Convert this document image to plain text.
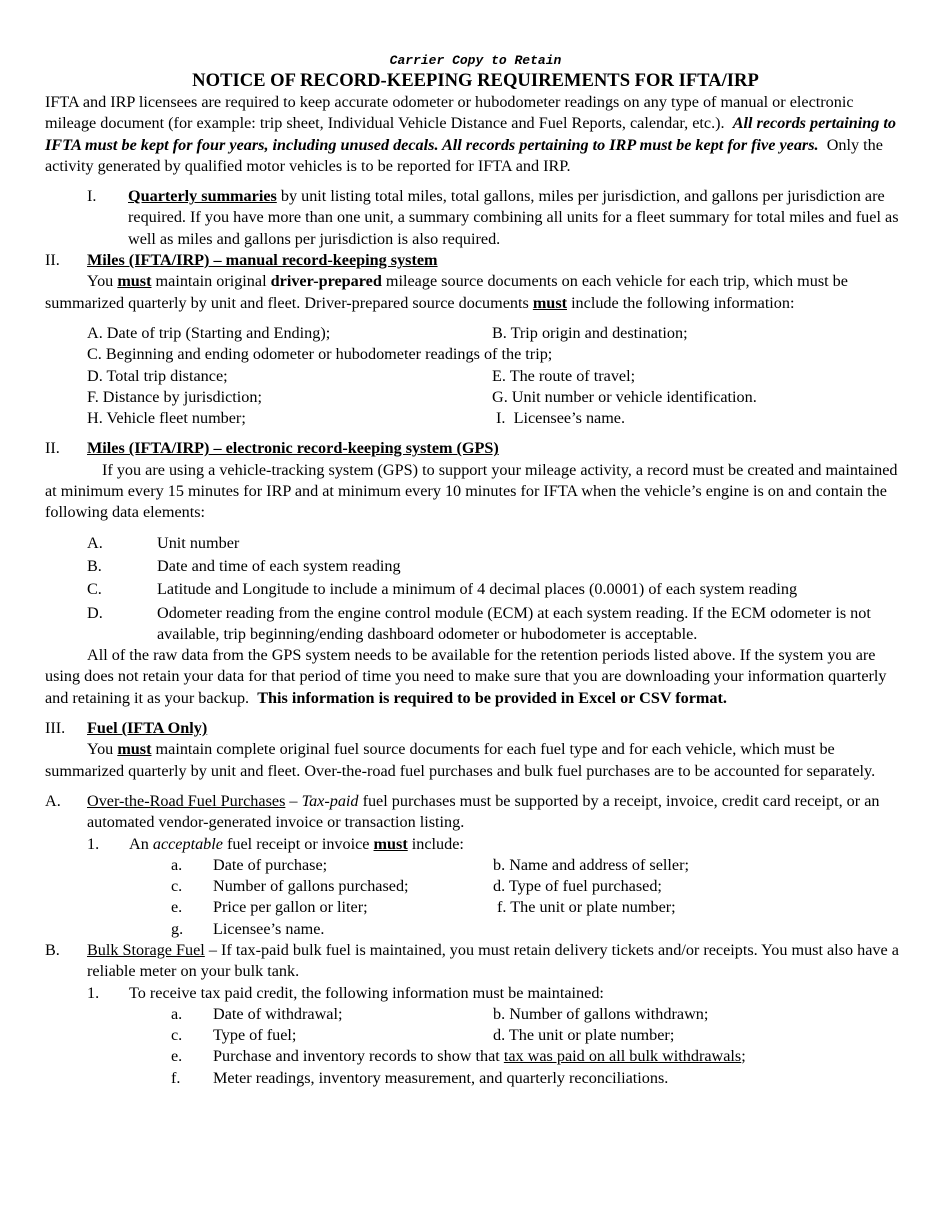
Carrier Copy to Retain
NOTICE OF RECORD-KEEPING REQUIREMENTS FOR IFTA/IRP

IFTA and IRP licensees are required to keep accurate odometer or hubodometer readings on any type of manual or electronic mileage document (for example: trip sheet, Individual Vehicle Distance and Fuel Reports, calendar, etc.). All records pertaining to IFTA must be kept for four years, including unused decals. All records pertaining to IRP must be kept for five years. Only the activity generated by qualified motor vehicles is to be reported for IFTA and IRP.

I. Quarterly summaries by unit listing total miles, total gallons, miles per jurisdiction, and gallons per jurisdiction are required. If you have more than one unit, a summary combining all units for a fleet summary for total miles and fuel as well as miles and gallons per jurisdiction is also required.

II.	Miles (IFTA/IRP) – manual record-keeping system

You must maintain original driver-prepared mileage source documents on each vehicle for each trip, which must be summarized quarterly by unit and fleet. Driver-prepared source documents must include the following information:

A. Date of trip (Starting and Ending);	B. Trip origin and destination;
C. Beginning and ending odometer or hubodometer readings of the trip;
D. Total trip distance;	E. The route of travel;
F. Distance by jurisdiction;	G. Unit number or vehicle identification.
H. Vehicle fleet number;	I.  Licensee’s name.
II.	Miles (IFTA/IRP) – electronic record-keeping system (GPS)

If you are using a vehicle-tracking system (GPS) to support your mileage activity, a record must be created and maintained at minimum every 15 minutes for IRP and at minimum every 10 minutes for IFTA when the vehicle’s engine is on and contain the following data elements:

A.	Unit number
B.	Date and time of each system reading
C.	Latitude and Longitude to include a minimum of 4 decimal places (0.0001) of each system reading
D.	Odometer reading from the engine control module (ECM) at each system reading. If the ECM odometer is not available, trip beginning/ending dashboard odometer or hubodometer is acceptable.

All of the raw data from the GPS system needs to be available for the retention periods listed above. If the system you are using does not retain your data for that period of time you need to make sure that you are downloading your information quarterly and retaining it as your backup. This information is required to be provided in Excel or CSV format.

III.	Fuel (IFTA Only)

You must maintain complete original fuel source documents for each fuel type and for each vehicle, which must be summarized quarterly by unit and fleet. Over-the-road fuel purchases and bulk fuel purchases are to be accounted for separately.

A.	Over-the-Road Fuel Purchases – Tax-paid fuel purchases must be supported by a receipt, invoice, credit card receipt, or an automated vendor-generated invoice or transaction listing.
1.	An acceptable fuel receipt or invoice must include:
a.	Date of purchase;	b. Name and address of seller;
c.	Number of gallons purchased;	d. Type of fuel purchased;
e.	Price per gallon or liter;	f. The unit or plate number;
g.	Licensee’s name.
B.	Bulk Storage Fuel – If tax-paid bulk fuel is maintained, you must retain delivery tickets and/or receipts. You must also have a reliable meter on your bulk tank.
1.	To receive tax paid credit, the following information must be maintained:
a.	Date of withdrawal;	b. Number of gallons withdrawn;
c.	Type of fuel;	d. The unit or plate number;
e.	Purchase and inventory records to show that tax was paid on all bulk withdrawals;
f.	Meter readings, inventory measurement, and quarterly reconciliations.
